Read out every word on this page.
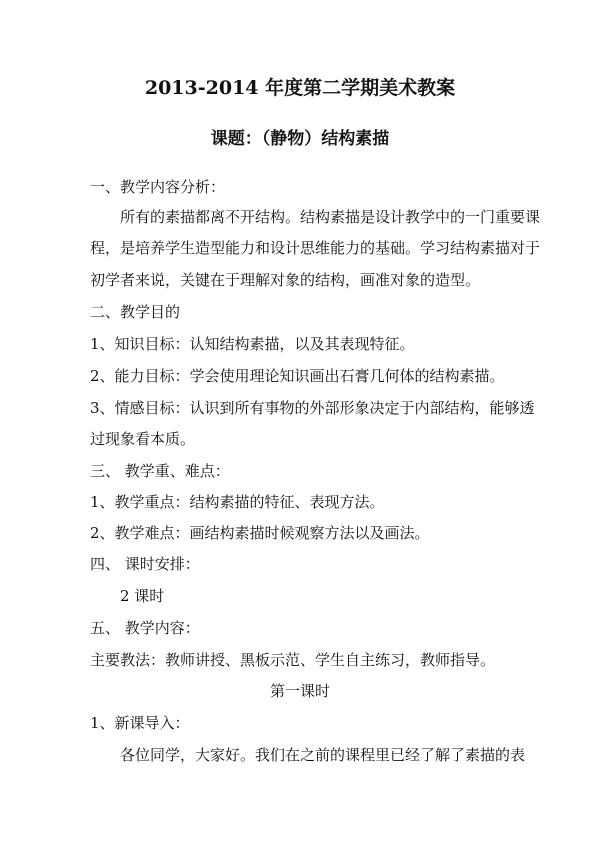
2013-2014 年度第二学期美术教案
课题：（静物）结构素描
一、教学内容分析：
所有的素描都离不开结构。结构素描是设计教学中的一门重要课
程，是培养学生造型能力和设计思维能力的基础。学习结构素描对于
初学者来说，关键在于理解对象的结构，画准对象的造型。
二、教学目的
1、知识目标：认知结构素描，以及其表现特征。
2、能力目标：学会使用理论知识画出石膏几何体的结构素描。
3、情感目标：认识到所有事物的外部形象决定于内部结构，能够透
过现象看本质。
三、 教学重、难点：
1、教学重点：结构素描的特征、表现方法。
2、教学难点：画结构素描时候观察方法以及画法。
四、 课时安排：
2 课时
五、 教学内容：
主要教法：教师讲授、黑板示范、学生自主练习，教师指导。
第一课时
1、新课导入：
各位同学，大家好。我们在之前的课程里已经了解了素描的表
